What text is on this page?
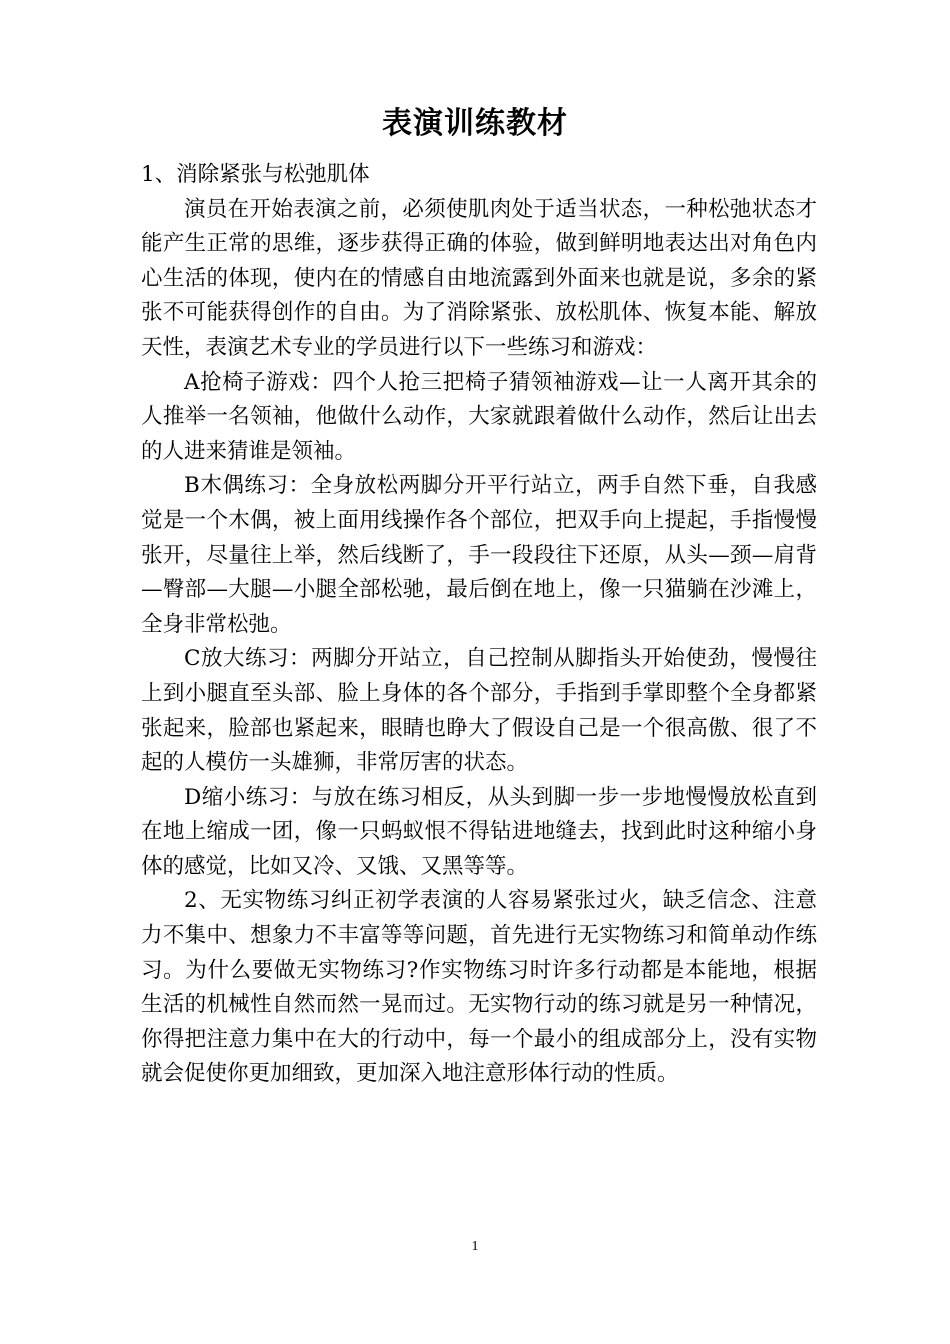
表演训练教材

1、消除紧张与松弛肌体

演员在开始表演之前，必须使肌肉处于适当状态，一种松弛状态才能产生正常的思维，逐步获得正确的体验，做到鲜明地表达出对角色内心生活的体现，使内在的情感自由地流露到外面来也就是说，多余的紧张不可能获得创作的自由。为了消除紧张、放松肌体、恢复本能、解放天性，表演艺术专业的学员进行以下一些练习和游戏：

A抢椅子游戏：四个人抢三把椅子猜领袖游戏—让一人离开其余的人推举一名领袖，他做什么动作，大家就跟着做什么动作，然后让出去的人进来猜谁是领袖。

B木偶练习：全身放松两脚分开平行站立，两手自然下垂，自我感觉是一个木偶，被上面用线操作各个部位，把双手向上提起，手指慢慢张开，尽量往上举，然后线断了，手一段段往下还原，从头—颈—肩背—臀部—大腿—小腿全部松驰，最后倒在地上，像一只猫躺在沙滩上，全身非常松弛。

C放大练习：两脚分开站立，自己控制从脚指头开始使劲，慢慢往上到小腿直至头部、脸上身体的各个部分，手指到手掌即整个全身都紧张起来，脸部也紧起来，眼睛也睁大了假设自己是一个很高傲、很了不起的人模仿一头雄狮，非常厉害的状态。

D缩小练习：与放在练习相反，从头到脚一步一步地慢慢放松直到在地上缩成一团，像一只蚂蚁恨不得钻进地缝去，找到此时这种缩小身体的感觉，比如又冷、又饿、又黑等等。

2、无实物练习纠正初学表演的人容易紧张过火，缺乏信念、注意力不集中、想象力不丰富等等问题，首先进行无实物练习和简单动作练习。为什么要做无实物练习?作实物练习时许多行动都是本能地，根据生活的机械性自然而然一晃而过。无实物行动的练习就是另一种情况，你得把注意力集中在大的行动中，每一个最小的组成部分上，没有实物就会促使你更加细致，更加深入地注意形体行动的性质。

1
